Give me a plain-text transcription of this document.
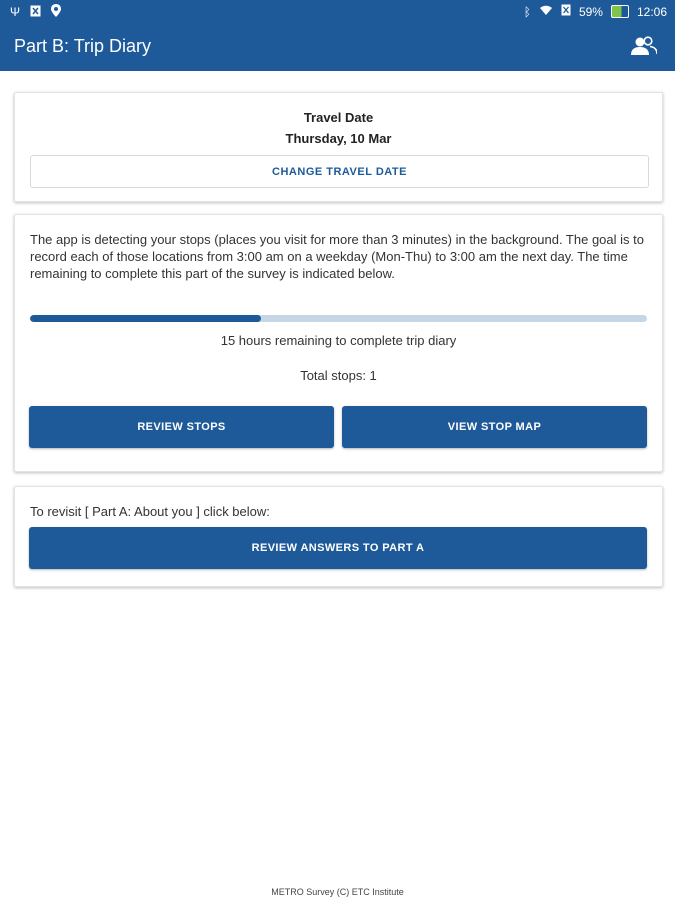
Ψ	ᛒ	59%	12:06
Part B: Trip Diary
Travel Date
Thursday, 10 Mar
CHANGE TRAVEL DATE
The app is detecting your stops (places you visit for more than 3 minutes) in the background. The goal is to record each of those locations from 3:00 am on a weekday (Mon-Thu) to 3:00 am the next day. The time remaining to complete this part of the survey is indicated below.
15 hours remaining to complete trip diary
Total stops: 1
REVIEW STOPS	VIEW STOP MAP
To revisit [ Part A: About you ] click below:
REVIEW ANSWERS TO PART A
METRO Survey (C) ETC Institute
